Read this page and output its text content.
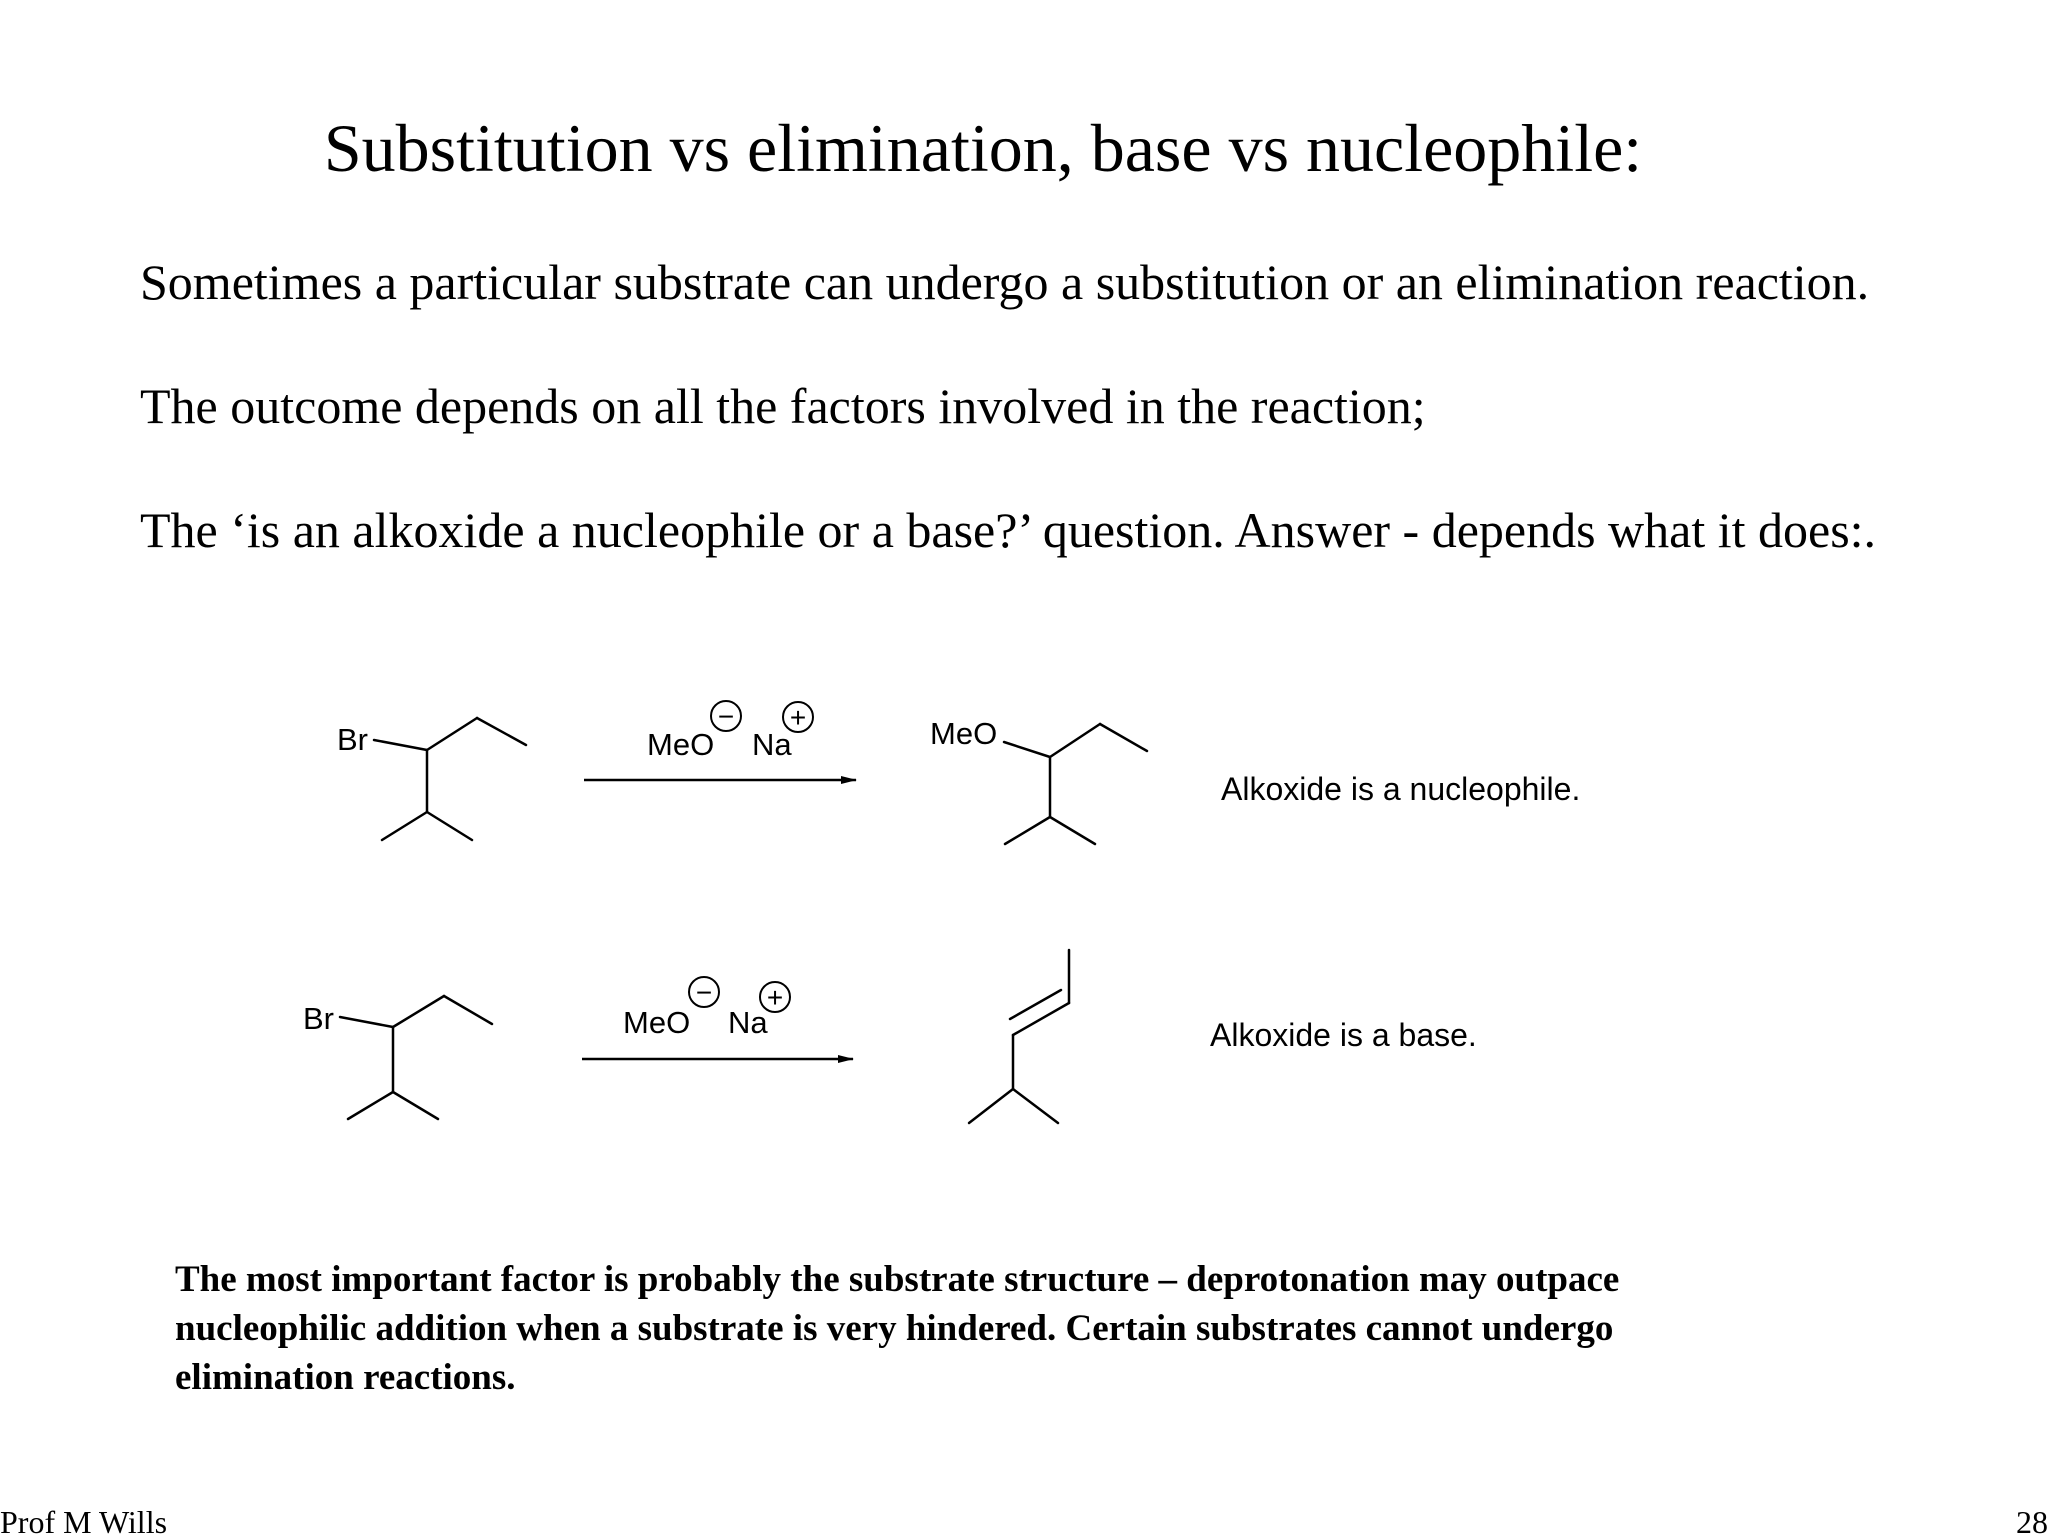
Substitution vs elimination, base vs nucleophile:
Sometimes a particular substrate can undergo a substitution or an elimination reaction.
The outcome depends on all the factors involved in the reaction;
The ‘is an alkoxide a nucleophile or a base?’ question. Answer - depends what it does:.
Br	MeO
−
Na
+	MeO
Alkoxide is a nucleophile.
Br	MeO
−
Na
+
Alkoxide is a base.
The most important factor is probably the substrate structure – deprotonation may outpace
nucleophilic addition when a substrate is very hindered. Certain substrates cannot undergo
elimination reactions.
Prof M Wills	28
